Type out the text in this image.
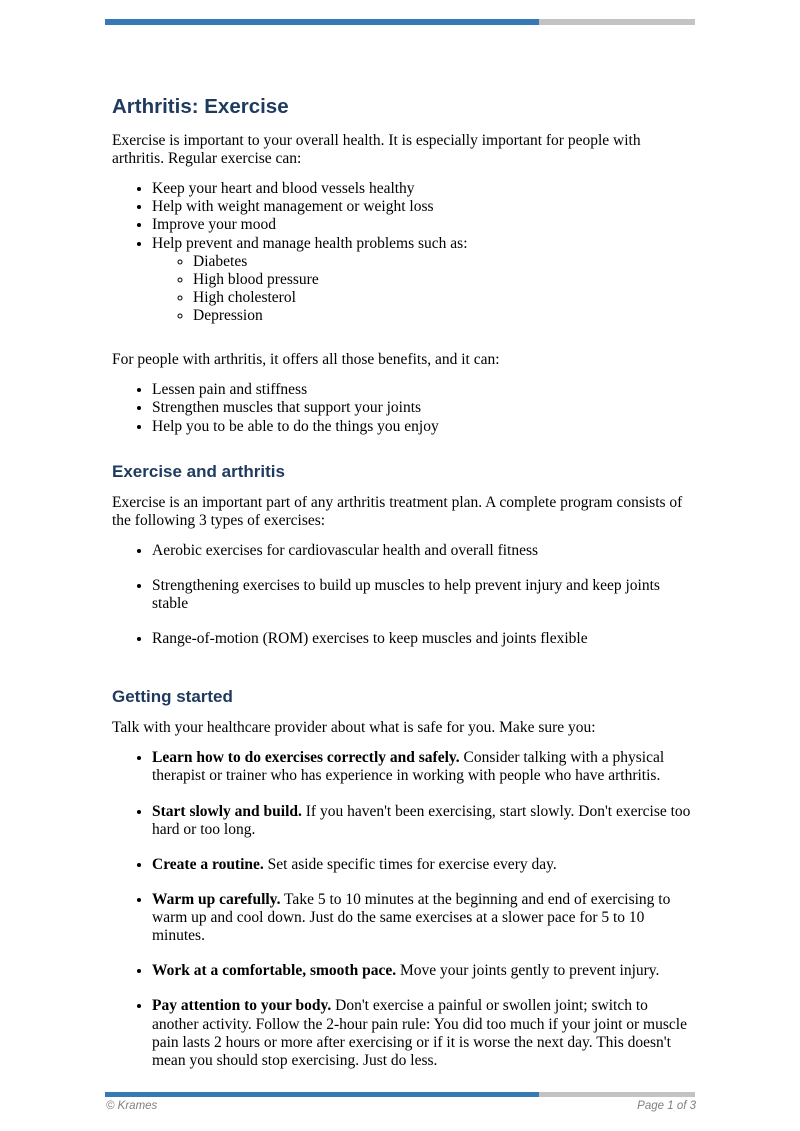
Arthritis: Exercise

Exercise is important to your overall health. It is especially important for people with arthritis. Regular exercise can:

• Keep your heart and blood vessels healthy
• Help with weight management or weight loss
• Improve your mood
• Help prevent and manage health problems such as:
◦ Diabetes
◦ High blood pressure
◦ High cholesterol
◦ Depression

For people with arthritis, it offers all those benefits, and it can:

• Lessen pain and stiffness
• Strengthen muscles that support your joints
• Help you to be able to do the things you enjoy
Exercise and arthritis

Exercise is an important part of any arthritis treatment plan. A complete program consists of the following 3 types of exercises:

• Aerobic exercises for cardiovascular health and overall fitness
• Strengthening exercises to build up muscles to help prevent injury and keep joints stable
• Range-of-motion (ROM) exercises to keep muscles and joints flexible
Getting started

Talk with your healthcare provider about what is safe for you. Make sure you:

• Learn how to do exercises correctly and safely. Consider talking with a physical therapist or trainer who has experience in working with people who have arthritis.
• Start slowly and build. If you haven't been exercising, start slowly. Don't exercise too hard or too long.
• Create a routine. Set aside specific times for exercise every day.
• Warm up carefully. Take 5 to 10 minutes at the beginning and end of exercising to warm up and cool down. Just do the same exercises at a slower pace for 5 to 10 minutes.
• Work at a comfortable, smooth pace. Move your joints gently to prevent injury.
• Pay attention to your body. Don't exercise a painful or swollen joint; switch to another activity. Follow the 2-hour pain rule: You did too much if your joint or muscle pain lasts 2 hours or more after exercising or if it is worse the next day. This doesn't mean you should stop exercising. Just do less.
© Krames	Page 1 of 3
